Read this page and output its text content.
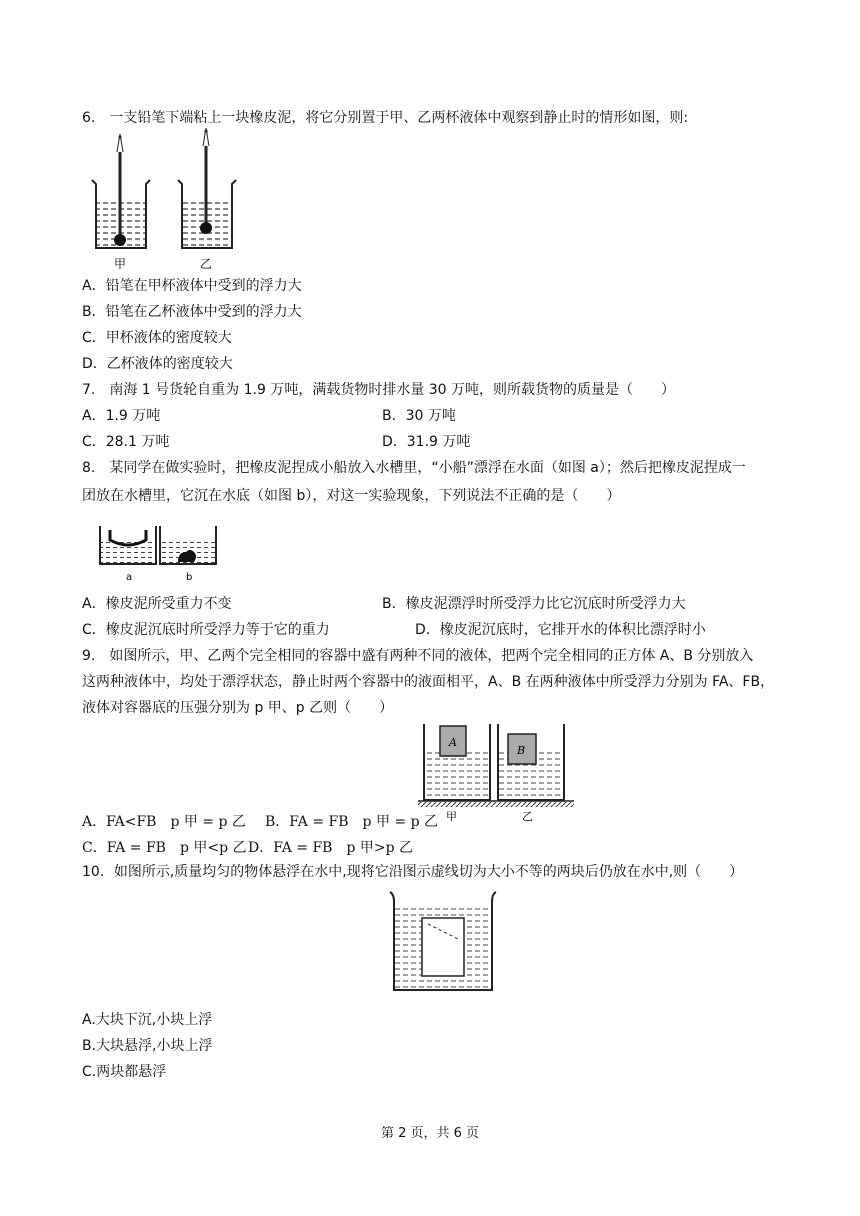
6.　一支铅笔下端粘上一块橡皮泥，将它分别置于甲、乙两杯液体中观察到静止时的情形如图，则:
甲	乙
A．铅笔在甲杯液体中受到的浮力大
B．铅笔在乙杯液体中受到的浮力大
C．甲杯液体的密度较大
D．乙杯液体的密度较大
7.　南海 1 号货轮自重为 1.9 万吨，满载货物时排水量 30 万吨，则所载货物的质量是（　　）
A．1.9 万吨	B．30 万吨
C．28.1 万吨	D．31.9 万吨
8.　某同学在做实验时，把橡皮泥捏成小船放入水槽里，“小船”漂浮在水面（如图 a）；然后把橡皮泥捏成一
团放在水槽里，它沉在水底（如图 b），对这一实验现象，下列说法不正确的是（　　）
a	b
A．橡皮泥所受重力不变	B．橡皮泥漂浮时所受浮力比它沉底时所受浮力大
C．橡皮泥沉底时所受浮力等于它的重力	D．橡皮泥沉底时，它排开水的体积比漂浮时小
9.　如图所示，甲、乙两个完全相同的容器中盛有两种不同的液体，把两个完全相同的正方体 A、B 分别放入
这两种液体中，均处于漂浮状态，静止时两个容器中的液面相平，A、B 在两种液体中所受浮力分别为 FA、FB，
液体对容器底的压强分别为 p 甲、p 乙则（　　）
A
B
甲	乙
A．FA<FB　p 甲 = p 乙 B．FA = FB　p 甲 = p 乙
C．FA = FB　p 甲<p 乙 D．FA = FB　p 甲>p 乙
10．如图所示,质量均匀的物体悬浮在水中,现将它沿图示虚线切为大小不等的两块后仍放在水中,则（　　）
A.大块下沉,小块上浮
B.大块悬浮,小块上浮
C.两块都悬浮
第 2 页，共 6 页
